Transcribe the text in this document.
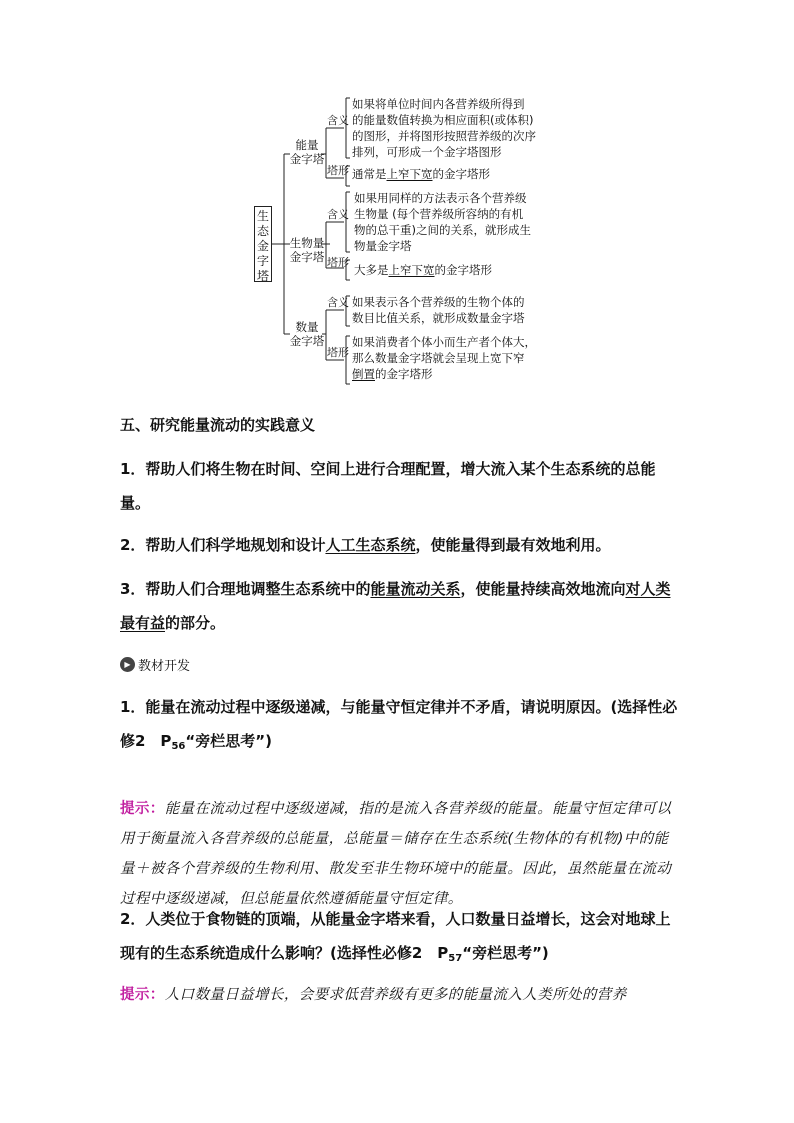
生态金字塔
能量
金字塔
含义
塔形
如果将单位时间内各营养级所得到
的能量数值转换为相应面积(或体积)
的图形，并将图形按照营养级的次序
排列，可形成一个金字塔图形
通常是上窄下宽的金字塔形
生物量
金字塔
含义
塔形
如果用同样的方法表示各个营养级
生物量 (每个营养级所容纳的有机
物的总干重)之间的关系，就形成生
物量金字塔
大多是上窄下宽的金字塔形
数量
金字塔
含义
塔形
如果表示各个营养级的生物个体的
数目比值关系，就形成数量金字塔
如果消费者个体小而生产者个体大，
那么数量金字塔就会呈现上宽下窄
倒置的金字塔形
五、研究能量流动的实践意义
1．帮助人们将生物在时间、空间上进行合理配置，增大流入某个生态系统的总能量。
2．帮助人们科学地规划和设计人工生态系统，使能量得到最有效地利用。
3．帮助人们合理地调整生态系统中的能量流动关系，使能量持续高效地流向对人类最有益的部分。
▶ 教材开发
1．能量在流动过程中逐级递减，与能量守恒定律并不矛盾，请说明原因。(选择性必修2　$P_{56}“$旁栏思考”)
提示：能量在流动过程中逐级递减，指的是流入各营养级的能量。能量守恒定律可以用于衡量流入各营养级的总能量，总能量＝储存在生态系统(生物体的有机物)中的能量＋被各个营养级的生物利用、散发至非生物环境中的能量。因此，虽然能量在流动过程中逐级递减，但总能量依然遵循能量守恒定律。
2．人类位于食物链的顶端，从能量金字塔来看，人口数量日益增长，这会对地球上现有的生态系统造成什么影响？(选择性必修2　$P_{57}“$旁栏思考”)
提示：人口数量日益增长，会要求低营养级有更多的能量流入人类所处的营养
